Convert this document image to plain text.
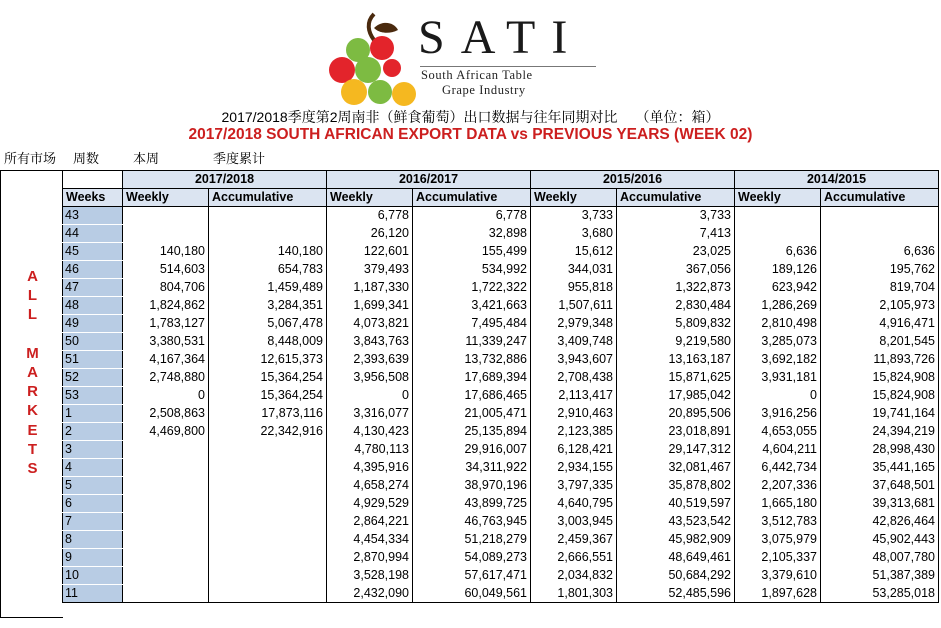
SATI
South African Table
Grape Industry
2017/2018季度第2周南非（鲜食葡萄）出口数据与往年同期对比 （单位：箱）
2017/2018 SOUTH AFRICAN EXPORT DATA vs PREVIOUS YEARS (WEEK 02)
所有市场 周数	本周	季度累计
A
L
L
M
A
R
K
E
T
S
	2017/2018		2016/2017		2015/2016		2014/2015	
Weeks	Weekly	Accumulative	Weekly	Accumulative	Weekly	Accumulative	Weekly	Accumulative
43			6,778	6,778	3,733	3,733		
44			26,120	32,898	3,680	7,413		
45	140,180	140,180	122,601	155,499	15,612	23,025	6,636	6,636
46	514,603	654,783	379,493	534,992	344,031	367,056	189,126	195,762
47	804,706	1,459,489	1,187,330	1,722,322	955,818	1,322,873	623,942	819,704
48	1,824,862	3,284,351	1,699,341	3,421,663	1,507,611	2,830,484	1,286,269	2,105,973
49	1,783,127	5,067,478	4,073,821	7,495,484	2,979,348	5,809,832	2,810,498	4,916,471
50	3,380,531	8,448,009	3,843,763	11,339,247	3,409,748	9,219,580	3,285,073	8,201,545
51	4,167,364	12,615,373	2,393,639	13,732,886	3,943,607	13,163,187	3,692,182	11,893,726
52	2,748,880	15,364,254	3,956,508	17,689,394	2,708,438	15,871,625	3,931,181	15,824,908
53	0	15,364,254	0	17,686,465	2,113,417	17,985,042	0	15,824,908
1	2,508,863	17,873,116	3,316,077	21,005,471	2,910,463	20,895,506	3,916,256	19,741,164
2	4,469,800	22,342,916	4,130,423	25,135,894	2,123,385	23,018,891	4,653,055	24,394,219
3			4,780,113	29,916,007	6,128,421	29,147,312	4,604,211	28,998,430
4			4,395,916	34,311,922	2,934,155	32,081,467	6,442,734	35,441,165
5			4,658,274	38,970,196	3,797,335	35,878,802	2,207,336	37,648,501
6			4,929,529	43,899,725	4,640,795	40,519,597	1,665,180	39,313,681
7			2,864,221	46,763,945	3,003,945	43,523,542	3,512,783	42,826,464
8			4,454,334	51,218,279	2,459,367	45,982,909	3,075,979	45,902,443
9			2,870,994	54,089,273	2,666,551	48,649,461	2,105,337	48,007,780
10			3,528,198	57,617,471	2,034,832	50,684,292	3,379,610	51,387,389
11			2,432,090	60,049,561	1,801,303	52,485,596	1,897,628	53,285,018
